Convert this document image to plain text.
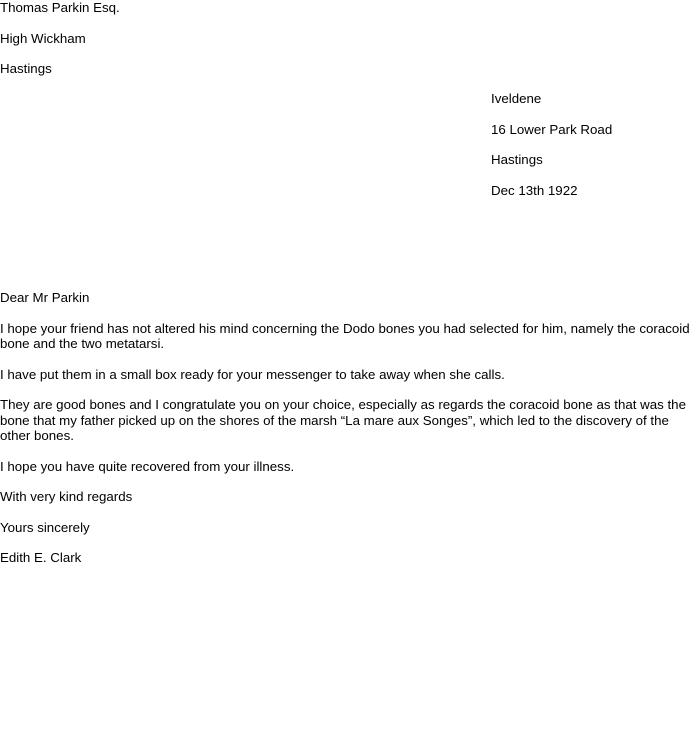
Thomas Parkin Esq.

High Wickham

Hastings

Iveldene

16 Lower Park Road

Hastings

Dec 13th 1922

Dear Mr Parkin

I hope your friend has not altered his mind concerning the Dodo bones you had selected for him, namely the coracoid bone and the two metatarsi.

I have put them in a small box ready for your messenger to take away when she calls.

They are good bones and I congratulate you on your choice, especially as regards the coracoid bone as that was the bone that my father picked up on the shores of the marsh “La mare aux Songes”, which led to the discovery of the other bones.

I hope you have quite recovered from your illness.

With very kind regards

Yours sincerely

Edith E. Clark
